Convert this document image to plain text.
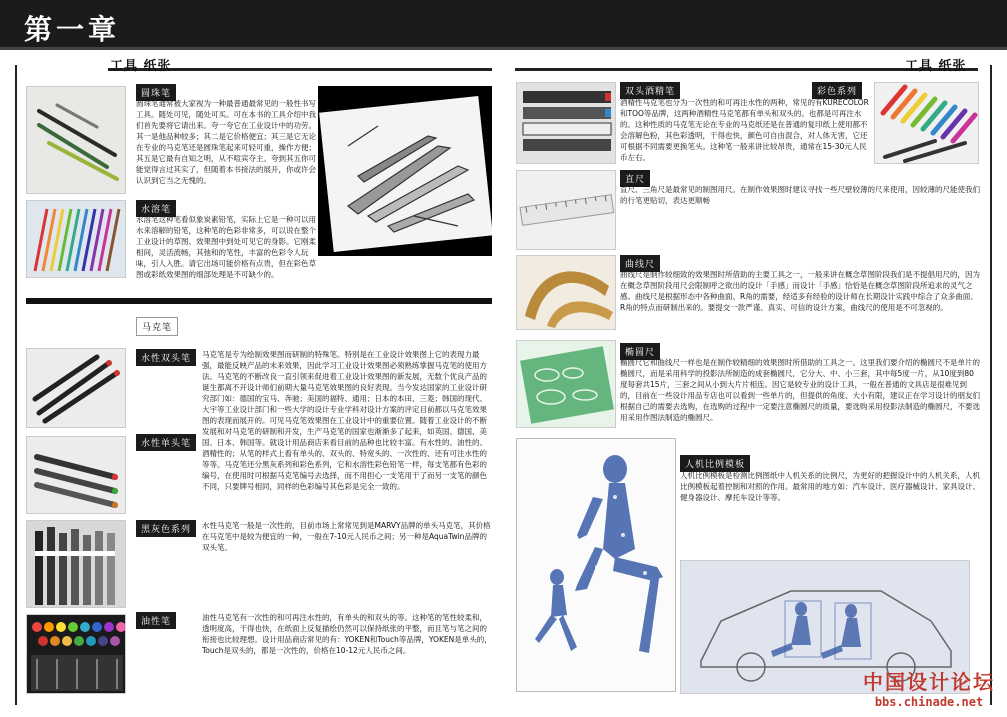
第一章
工具 纸张	工具 纸张
圆珠笔
圆珠笔通常被大家视为一种最普通最常见的一般性书写工具。随处可见，随处可买。可在本书的工具介绍中我们首先要将它请出来。夸一夸它在工业设计中的功劳。其一是他品种较多；其二是它价格便宜；其三是它无论在专业的马克笔还是圆珠笔起来可轻可重，操作方便；其五是它最有自知之明，从不喧宾夺主。夸到其五你可能觉得言过其实了，但随着本书接法的展开，你或许会认识到它当之无愧的。
水溶笔
水溶笔这种笔看似象炭素铅笔，实际上它是一种可以用水来溶解的铅笔，这种笔的色彩非常多，可以说在整个工业设计的草图、效果图中到处可见它的身影。它刚柔相间，灵活流畅，其弛和的笔性，丰富的色彩令人玩味，引人入胜。请它出场可能价格有点贵，但在彩色草图或彩纸效果图的细部处理是不可缺少的。
马克笔
水性双头笔	马克笔是专为绘制效果图而研制的特殊笔。特别是在工业设计效果图上它的表现力最强，最能反映产品的未来效果，因此学习工业设计效果图必须熟练掌握马克笔的使用方法。马克笔的不断改良一直引领来促进着工业设计效果图的新发展，无数个优良产品的诞生都离不开设计师们前期大量马克笔效果图的良好表现。当今发达国家的工业设计研究部门如：德国的宝马、奔驰；美国的福特、通用；日本的本田、三菱；韩国的现代、大宇等工业设计部门和一些大学的设计专业学科对设计方案的评定目前都以马克笔效果图的表现而展开的。可见马克笔效果图在工业设计中的重要位置。随着工业设计的不断发展和对马克笔的研制和开发，生产马克笔的国家也渐渐多了起来，如英国、德国、美国、日本、韩国等。就设计用品商店来看目前的品种也比较丰富。有水性的、油性的、酒精性的；从笔的样式上看有单头的、双头的、特宽头的、一次性的、还有可注水性的等等。马克笔还分黑灰系列和彩色系列，它和水溶性彩色铅笔一样，每支笔都有色彩的编号，在使用时可根据马克笔编号去选择，而不用担心一支笔用干了而另一支笔的颜色不同，只要牌号相同，同样的色彩编号其色彩是完全一致的。
水性单头笔
黑灰色系列	水性马克笔一般是一次性的，目前市场上常常见到是MARVY品牌的单头马克笔，其价格在马克笔中是较为便宜的一种，一般在7-10元人民币之间；另一种是AquaTwin品牌的双头笔。
油性笔	油性马克笔有一次性的和可再注水性的，有单头的和双头的等。这种笔的笔性较柔和，透明度高，干得也快，在纸面上反复描绘仍然可以保持纸张的平整，而且笔与笔之间的衔接也比较理想。设计用品商店常见的有：YOKEN和Touch等品牌，YOKEN是单头的，Touch是双头的，都是一次性的，价格在10-12元人民币之间。
双头酒精笔	彩色系列
酒精性马克笔也分为一次性的和可再注水性的两种，常见的有KURECOLOR和TOO等品牌，这两种酒精性马克笔都有单头和双头的。也都是可再注水的。这种性质的马克笔无论在专业的马克纸还是在普通的复印纸上使用都不会溶解色粉，其色彩透明，干得也快，颜色可自由混合，对人体无害，它还可根据不同需要更换笔头。这种笔一般来讲比较昂贵，通常在15-30元人民币左右。
直尺
直尺、三角尺是最常见的制图用尺。在制作效果图时建议寻找一些尺壁较薄的尺来使用，因较薄的尺能使我们的行笔更贴切，表达更顺畅
曲线尺
曲线尺是制作较细致的效果图时所借助的主要工具之一，一般来讲在概念草图阶段我们是不提倡用尺的，因为在概念草图阶段用尺会限制呼之欲出的设计「手感」而设计「手感」恰恰是在概念草图阶段所追求的灵气之感。曲线尺是根据形态中各种曲面、R角的需要，经适多有经验的设计师在长期设计实践中综合了众多曲面、R角的特点而研制出来的。要提交一款严谨、真实、可信的设计方案，曲线尺的使用是不可忽视的。
椭圆尺
椭圆尺它和曲线尺一样也是在制作较精细的效果图时所借助的工具之一。这里我们要介绍的椭圆尺不是单片的椭圆尺，而是采用科学的投影法所制造的成套椭圆尺，它分大、中、小三套，其中每5度一片，从10度到80度每套共15片，三套之间从小到大片片相连。因它是较专业的设计工具，一般在普通的文具店是很难见到的，目前在一些设计用品专店也可以看到一些单片的，但提供的角度、大小有限，建议正在学习设计的朋友们根据自己的需要去选购，在选购的过程中一定要注意椭圆尺的质量，要选购采用投影法制造的椭圆尺，不要选用采用作图法制造的椭圆尺。
人机比例模板
人机比例模板是检测比例图纸中人机关系的比例尺，为更好的把握设计中的人机关系，人机比例模板起着控制和对照的作用。最常用的地方如：汽车设计、医疗器械设计、家具设计、健身器设计、摩托车设计等等。
中国设计论坛
bbs.chinade.net
